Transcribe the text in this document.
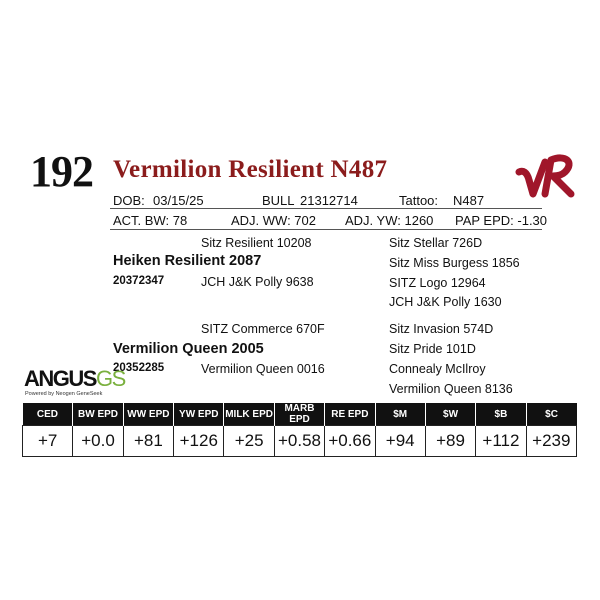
192 Vermilion Resilient N487
DOB: 03/15/25	BULL 21312714	Tattoo: N487
ACT. BW: 78	ADJ. WW: 702 ADJ. YW: 1260 PAP EPD: -1.30
Sitz Resilient 10208
Heiken Resilient 2087
20372347	JCH J&K Polly 9638
Sitz Stellar 726D
Sitz Miss Burgess 1856
SITZ Logo 12964
JCH J&K Polly 1630
SITZ Commerce 670F
Vermilion Queen 2005
20352285	Vermilion Queen 0016
Sitz Invasion 574D
Sitz Pride 101D
Connealy McIlroy
Vermilion Queen 8136
ANGUSGS
Powered by Neogen GeneSeek
CED	BW EPD	WW EPD	YW EPD	MILK EPD	MARB EPD	RE EPD	$M	$W	$B	$C
+7	+0.0	+81	+126	+25	+0.58	+0.66	+94	+89	+112	+239
